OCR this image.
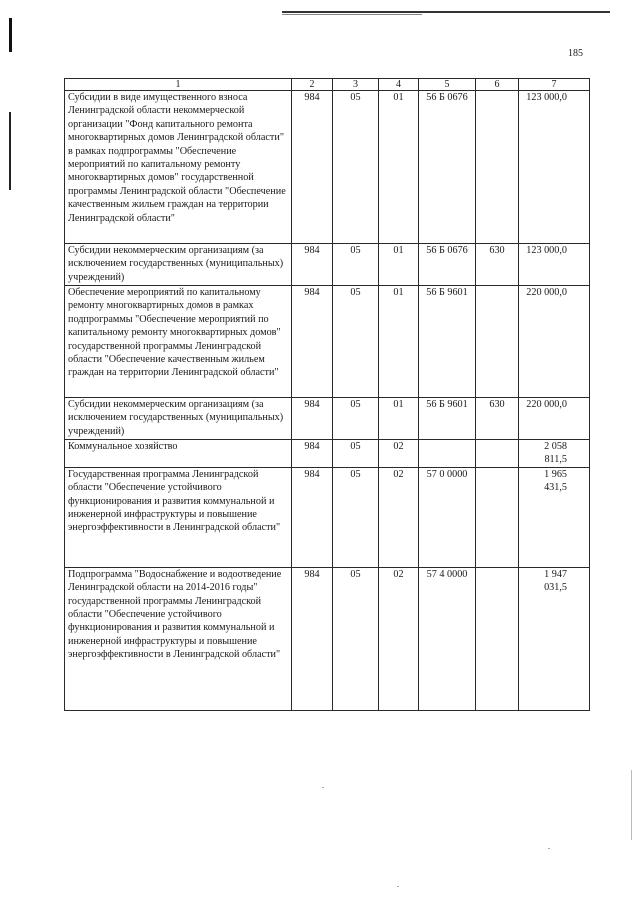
185
1	2	3	4	5	6	7
Субсидии в виде имущественного взноса Ленинградской области некоммерческой организации "Фонд капитального ремонта многоквартирных домов Ленинградской области" в рамках подпрограммы "Обеспечение мероприятий по капитальному ремонту многоквартирных домов" государственной программы Ленинградской области "Обеспечение качественным жильем граждан на территории Ленинградской области"	984	05	01	56 Б 0676		123 000,0
Субсидии некоммерческим организациям (за исключением государственных (муниципальных) учреждений)	984	05	01	56 Б 0676	630	123 000,0
Обеспечение мероприятий по капитальному ремонту многоквартирных домов в рамках подпрограммы "Обеспечение мероприятий по капитальному ремонту многоквартирных домов" государственной программы Ленинградской области "Обеспечение качественным жильем граждан на территории Ленинградской области"	984	05	01	56 Б 9601		220 000,0
Субсидии некоммерческим организациям (за исключением государственных (муниципальных) учреждений)	984	05	01	56 Б 9601	630	220 000,0
Коммунальное хозяйство	984	05	02			2 058 811,5
Государственная программа Ленинградской области "Обеспечение устойчивого функционирования и развития коммунальной и инженерной инфраструктуры и повышение энергоэффективности в Ленинградской области"	984	05	02	57 0 0000		1 965 431,5
Подпрограмма "Водоснабжение и водоотведение Ленинградской области на 2014-2016 годы" государственной программы Ленинградской области "Обеспечение устойчивого функционирования и развития коммунальной и инженерной инфраструктуры и повышение энергоэффективности в Ленинградской области"	984	05	02	57 4 0000		1 947 031,5
